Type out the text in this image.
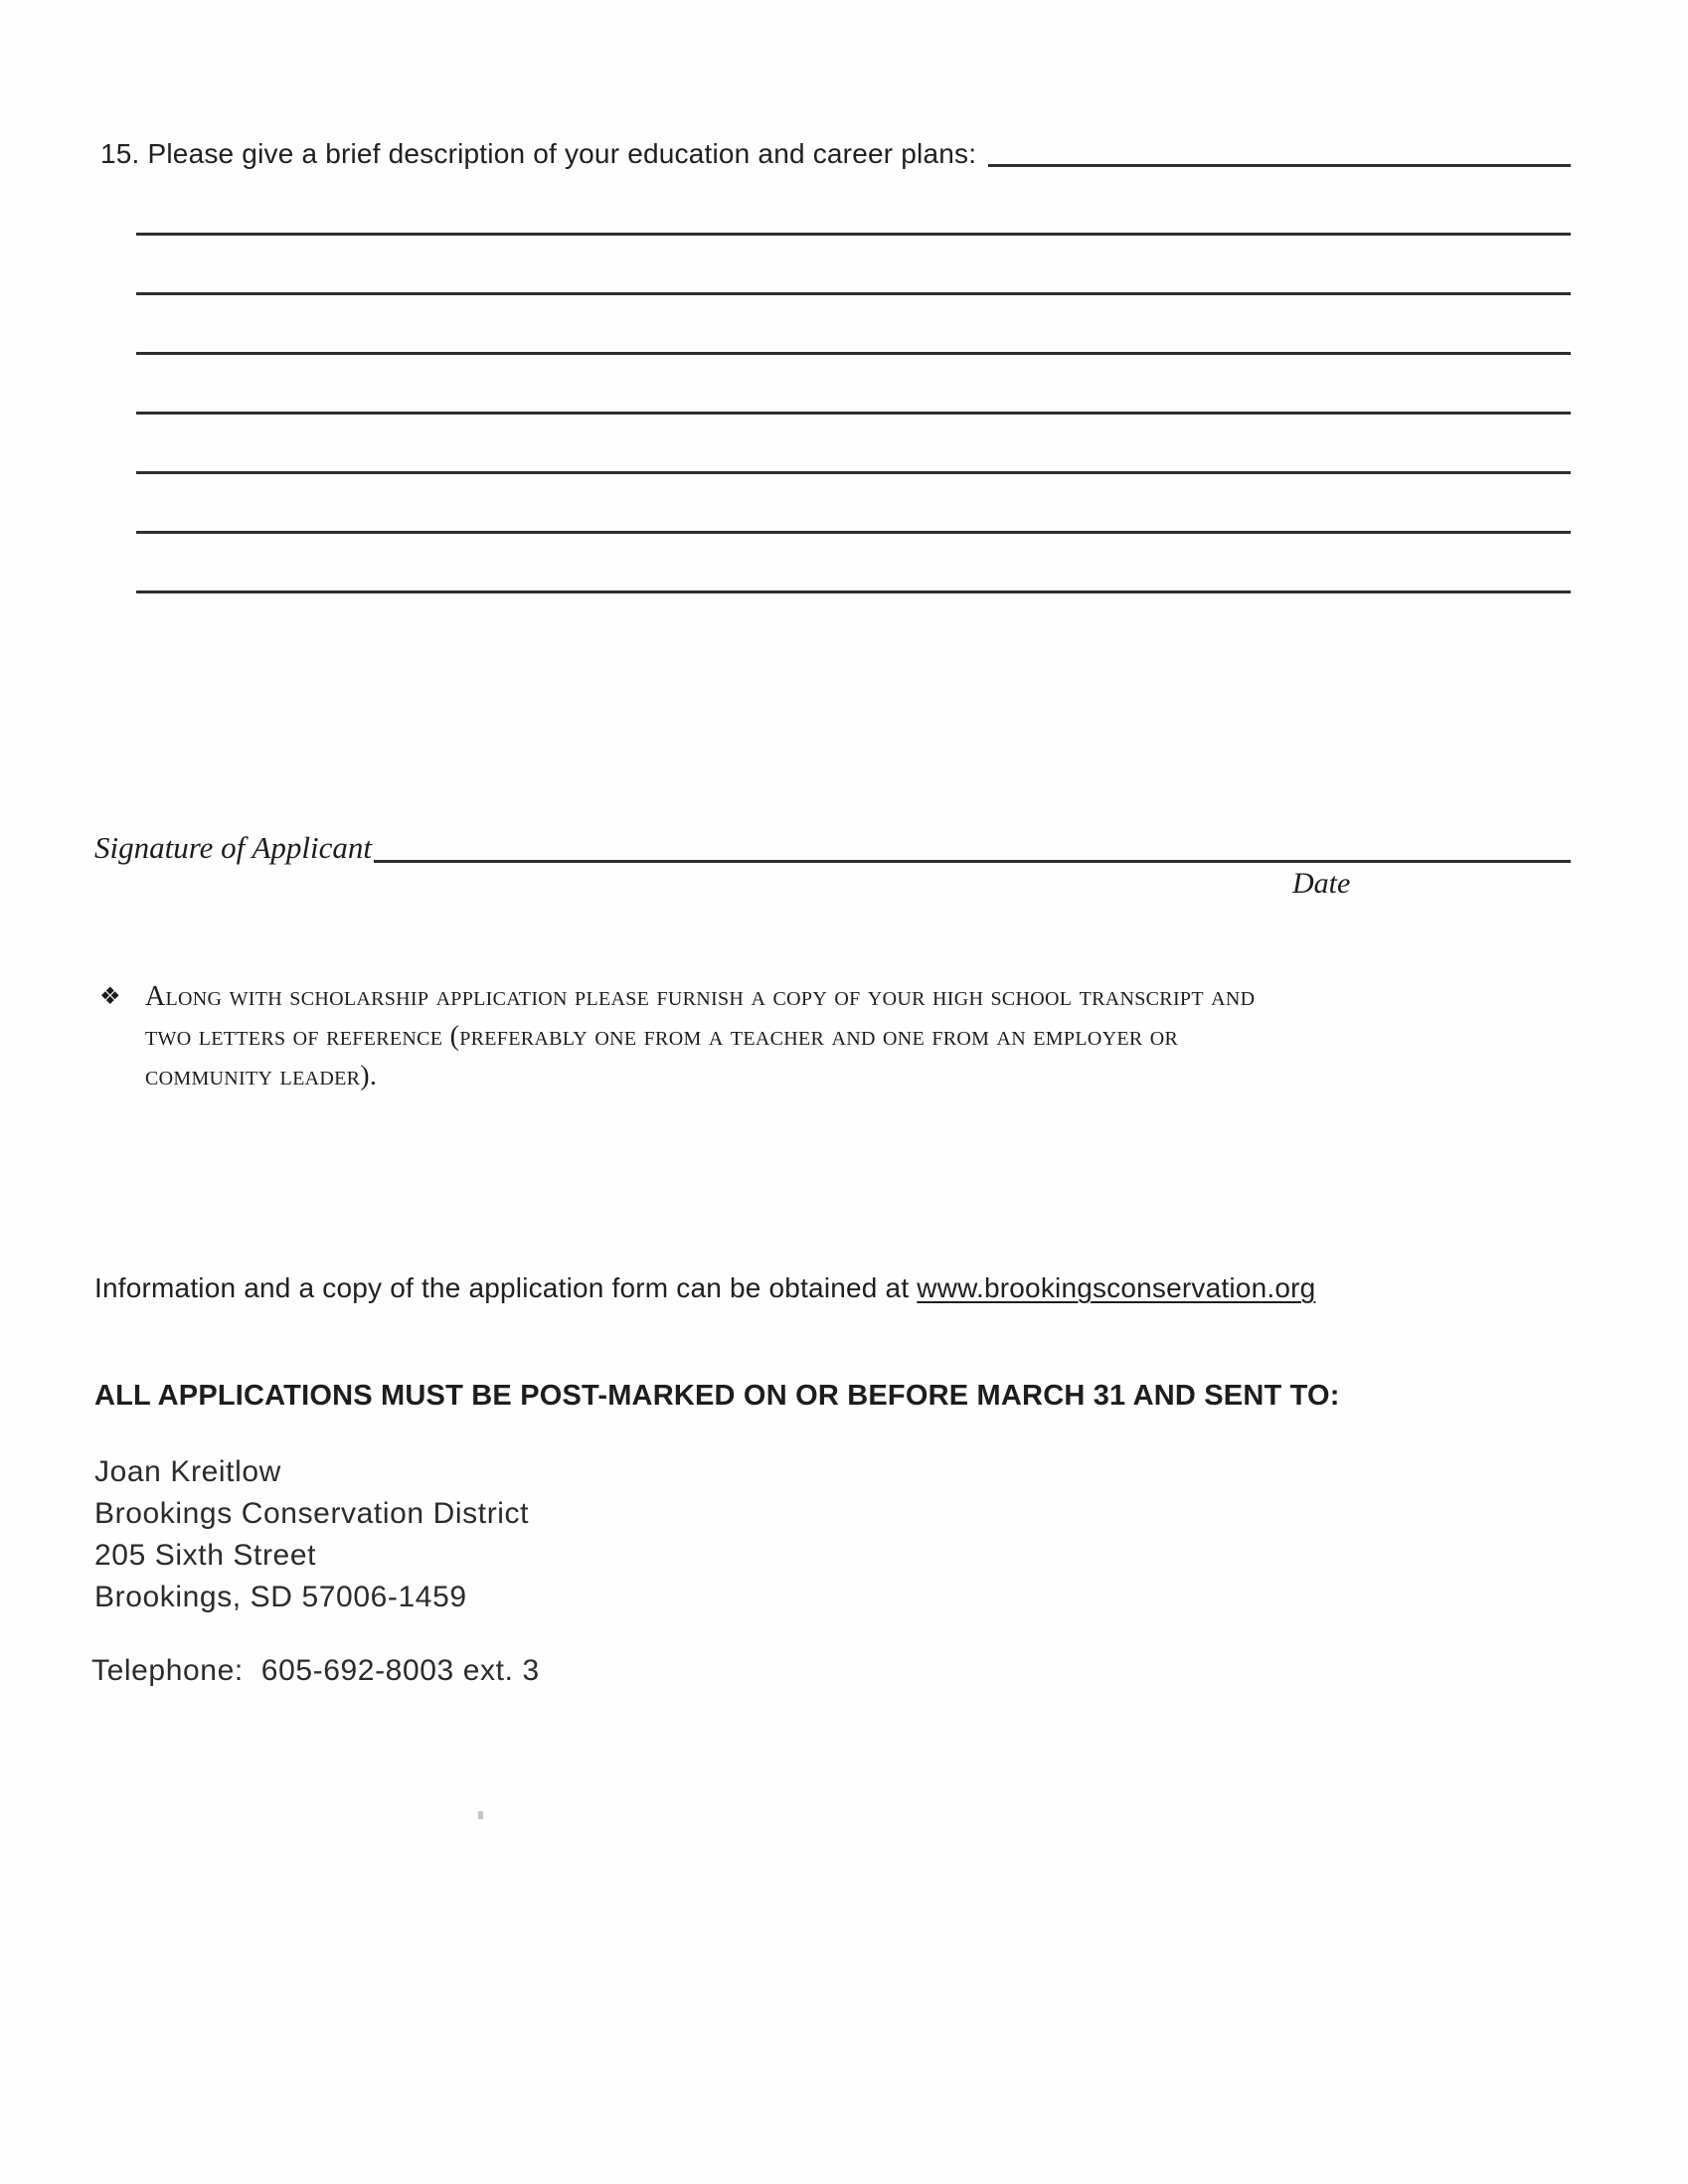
15. Please give a brief description of your education and career plans:
Signature of Applicant
Date
❖ Along with scholarship application please furnish a copy of your high school transcript and
two letters of reference (preferably one from a teacher and one from an employer or
community leader).
Information and a copy of the application form can be obtained at www.brookingsconservation.org
ALL APPLICATIONS MUST BE POST-MARKED ON OR BEFORE MARCH 31 AND SENT TO:
Joan Kreitlow
Brookings Conservation District
205 Sixth Street
Brookings, SD 57006-1459
Telephone: 605-692-8003 ext. 3
